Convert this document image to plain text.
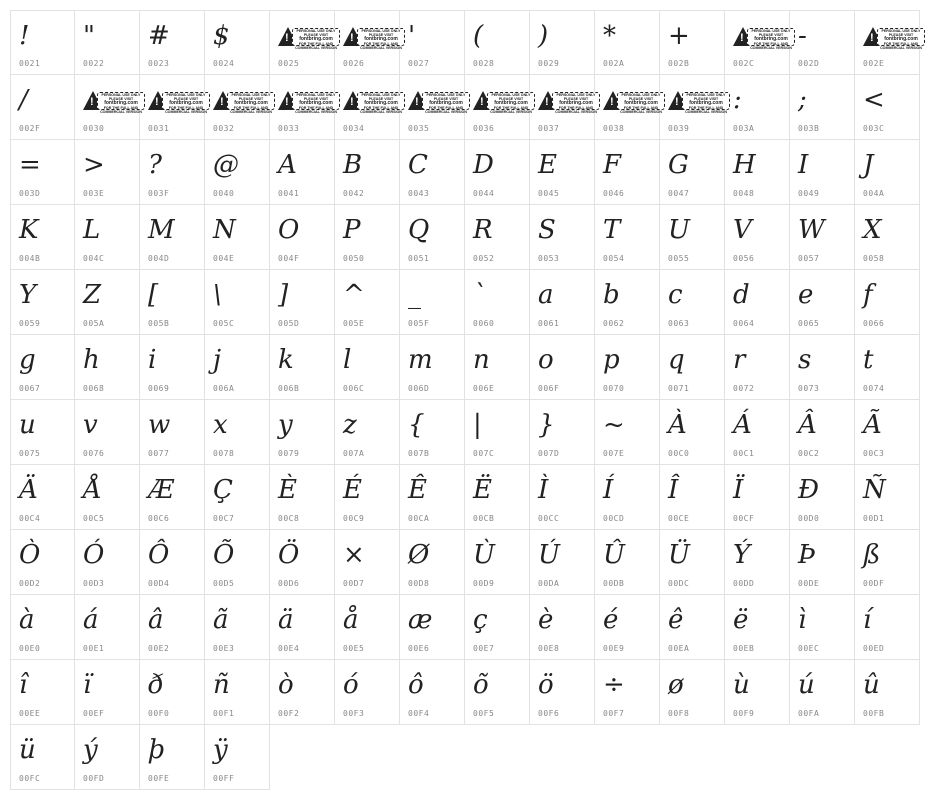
!
0021
"
0022
#
0023
$
0024
!
PERSONAL USE ONLY
PLEASE VISIT
fontbring.com
FOR THE FULL AND COMMERCIAL VERSION
0025
!
PERSONAL USE ONLY
PLEASE VISIT
fontbring.com
FOR THE FULL AND COMMERCIAL VERSION
0026
'
0027
(
0028
)
0029
*
002A
+
002B
!
PERSONAL USE ONLY
PLEASE VISIT
fontbring.com
FOR THE FULL AND COMMERCIAL VERSION
002C
-
002D
!
PERSONAL USE ONLY
PLEASE VISIT
fontbring.com
FOR THE FULL AND COMMERCIAL VERSION
002E
/
002F
!
PERSONAL USE ONLY
PLEASE VISIT
fontbring.com
FOR THE FULL AND COMMERCIAL VERSION
0030
!
PERSONAL USE ONLY
PLEASE VISIT
fontbring.com
FOR THE FULL AND COMMERCIAL VERSION
0031
!
PERSONAL USE ONLY
PLEASE VISIT
fontbring.com
FOR THE FULL AND COMMERCIAL VERSION
0032
!
PERSONAL USE ONLY
PLEASE VISIT
fontbring.com
FOR THE FULL AND COMMERCIAL VERSION
0033
!
PERSONAL USE ONLY
PLEASE VISIT
fontbring.com
FOR THE FULL AND COMMERCIAL VERSION
0034
!
PERSONAL USE ONLY
PLEASE VISIT
fontbring.com
FOR THE FULL AND COMMERCIAL VERSION
0035
!
PERSONAL USE ONLY
PLEASE VISIT
fontbring.com
FOR THE FULL AND COMMERCIAL VERSION
0036
!
PERSONAL USE ONLY
PLEASE VISIT
fontbring.com
FOR THE FULL AND COMMERCIAL VERSION
0037
!
PERSONAL USE ONLY
PLEASE VISIT
fontbring.com
FOR THE FULL AND COMMERCIAL VERSION
0038
!
PERSONAL USE ONLY
PLEASE VISIT
fontbring.com
FOR THE FULL AND COMMERCIAL VERSION
0039
:
003A
;
003B
<
003C
=
003D
>
003E
?
003F
@
0040
A
0041
B
0042
C
0043
D
0044
E
0045
F
0046
G
0047
H
0048
I
0049
J
004A
K
004B
L
004C
M
004D
N
004E
O
004F
P
0050
Q
0051
R
0052
S
0053
T
0054
U
0055
V
0056
W
0057
X
0058
Y
0059
Z
005A
[
005B
\
005C
]
005D
^
005E
_
005F
`
0060
a
0061
b
0062
c
0063
d
0064
e
0065
f
0066
g
0067
h
0068
i
0069
j
006A
k
006B
l
006C
m
006D
n
006E
o
006F
p
0070
q
0071
r
0072
s
0073
t
0074
u
0075
v
0076
w
0077
x
0078
y
0079
z
007A
{
007B
|
007C
}
007D
~
007E
À
00C0
Á
00C1
Â
00C2
Ã
00C3
Ä
00C4
Å
00C5
Æ
00C6
Ç
00C7
È
00C8
É
00C9
Ê
00CA
Ë
00CB
Ì
00CC
Í
00CD
Î
00CE
Ï
00CF
Ð
00D0
Ñ
00D1
Ò
00D2
Ó
00D3
Ô
00D4
Õ
00D5
Ö
00D6
×
00D7
Ø
00D8
Ù
00D9
Ú
00DA
Û
00DB
Ü
00DC
Ý
00DD
Þ
00DE
ß
00DF
à
00E0
á
00E1
â
00E2
ã
00E3
ä
00E4
å
00E5
æ
00E6
ç
00E7
è
00E8
é
00E9
ê
00EA
ë
00EB
ì
00EC
í
00ED
î
00EE
ï
00EF
ð
00F0
ñ
00F1
ò
00F2
ó
00F3
ô
00F4
õ
00F5
ö
00F6
÷
00F7
ø
00F8
ù
00F9
ú
00FA
û
00FB
ü
00FC
ý
00FD
þ
00FE
ÿ
00FF
